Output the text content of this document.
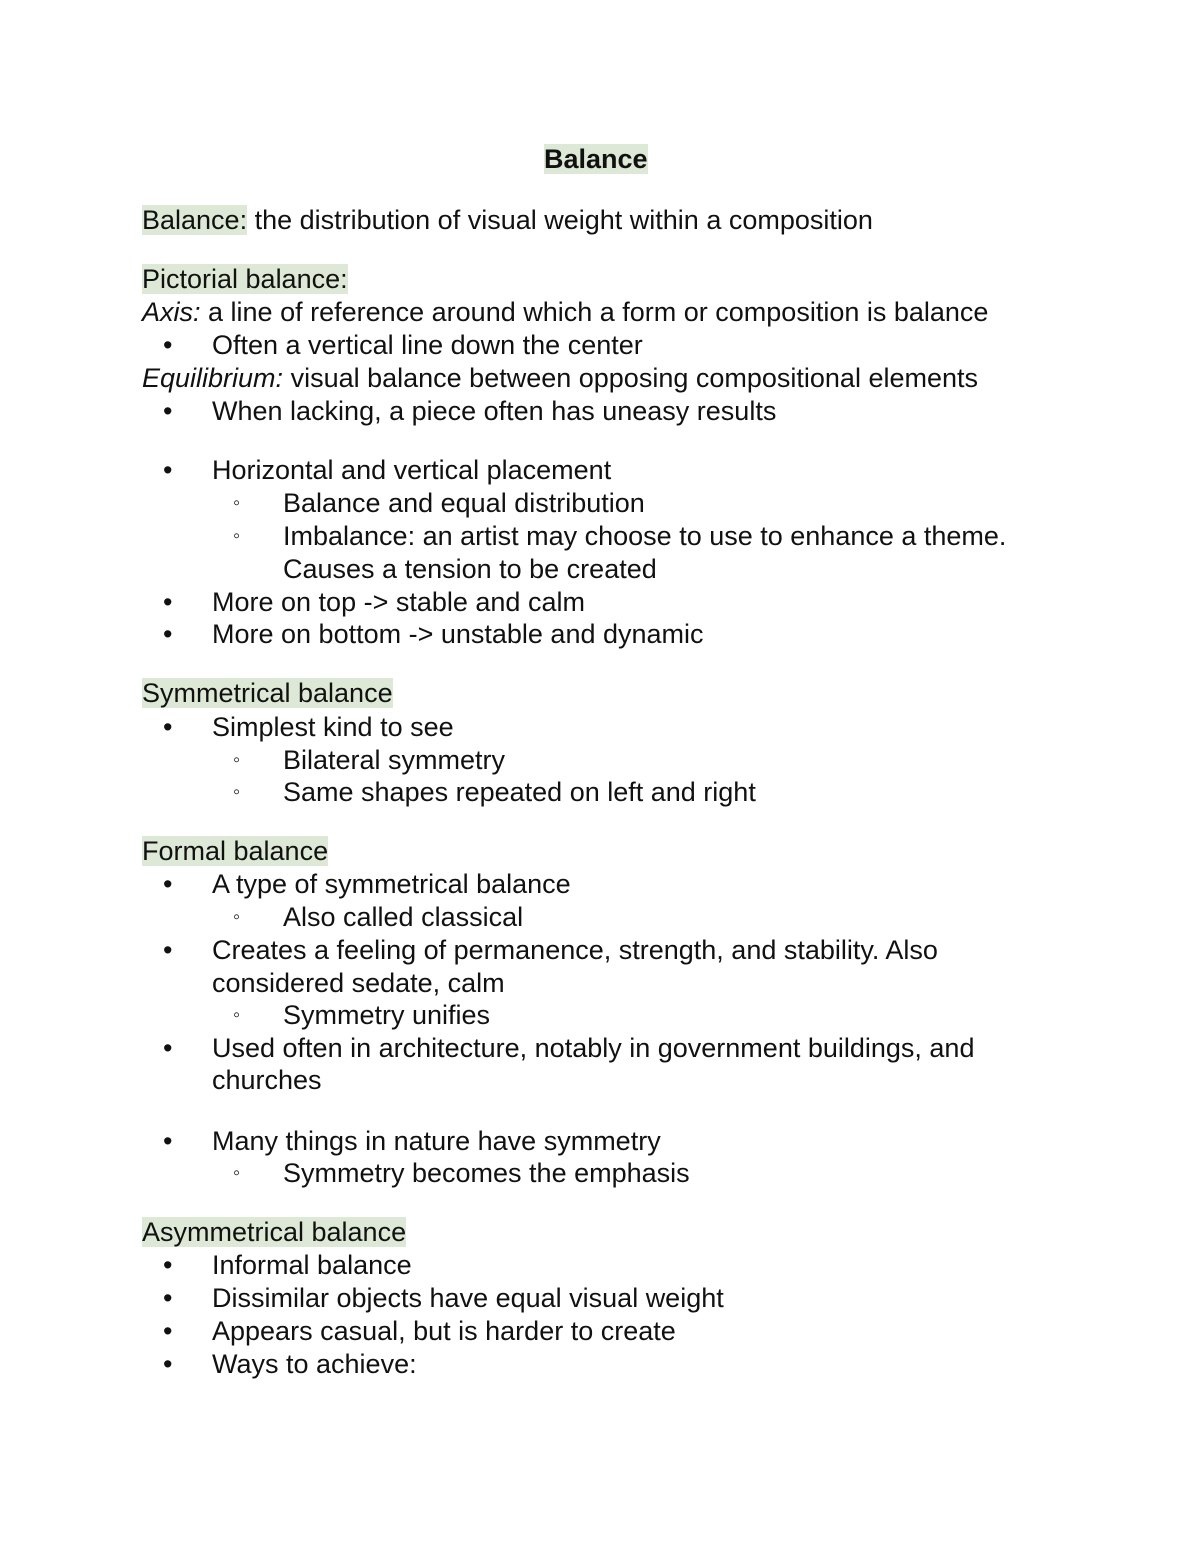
Balance
Balance: the distribution of visual weight within a composition
Pictorial balance:
Axis: a line of reference around which a form or composition is balance
• Often a vertical line down the center
Equilibrium: visual balance between opposing compositional elements
• When lacking, a piece often has uneasy results
• Horizontal and vertical placement
◦ Balance and equal distribution
◦ Imbalance: an artist may choose to use to enhance a theme.
Causes a tension to be created
• More on top -> stable and calm
• More on bottom -> unstable and dynamic
Symmetrical balance
• Simplest kind to see
◦ Bilateral symmetry
◦ Same shapes repeated on left and right
Formal balance
• A type of symmetrical balance
◦ Also called classical
• Creates a feeling of permanence, strength, and stability. Also
considered sedate, calm
◦ Symmetry unifies
• Used often in architecture, notably in government buildings, and
churches
• Many things in nature have symmetry
◦ Symmetry becomes the emphasis
Asymmetrical balance
• Informal balance
• Dissimilar objects have equal visual weight
• Appears casual, but is harder to create
• Ways to achieve:
